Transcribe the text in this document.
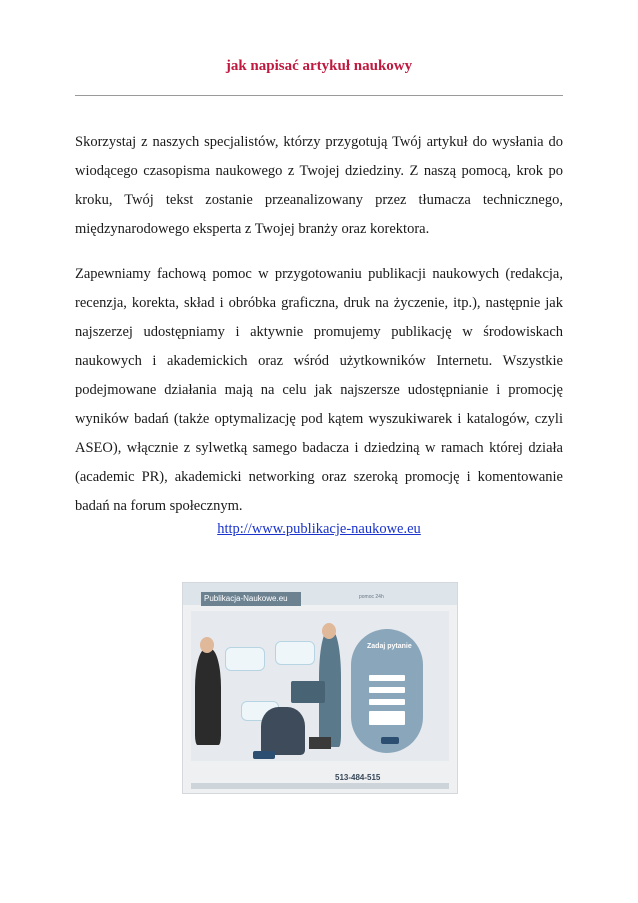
jak napisać artykuł naukowy

Skorzystaj z naszych specjalistów, którzy przygotują Twój artykuł do wysłania do wiodącego czasopisma naukowego z Twojej dziedziny. Z naszą pomocą, krok po kroku, Twój tekst zostanie przeanalizowany przez tłumacza technicznego, międzynarodowego eksperta z Twojej branży oraz korektora.

Zapewniamy fachową pomoc w przygotowaniu publikacji naukowych (redakcja, recenzja, korekta, skład i obróbka graficzna, druk na życzenie, itp.), następnie jak najszerzej udostępniamy i aktywnie promujemy publikację w środowiskach naukowych i akademickich oraz wśród użytkowników Internetu. Wszystkie podejmowane działania mają na celu jak najszersze udostępnianie i promocję wyników badań (także optymalizację pod kątem wyszukiwarek i katalogów, czyli ASEO), włącznie z sylwetką samego badacza i dziedziną w ramach której działa (academic PR), akademicki networking oraz szeroką promocję i komentowanie badań na forum społecznym.

http://www.publikacje-naukowe.eu
Publikacja-Naukowe.eu	pomoc 24h
Zadaj pytanie
513-484-515
